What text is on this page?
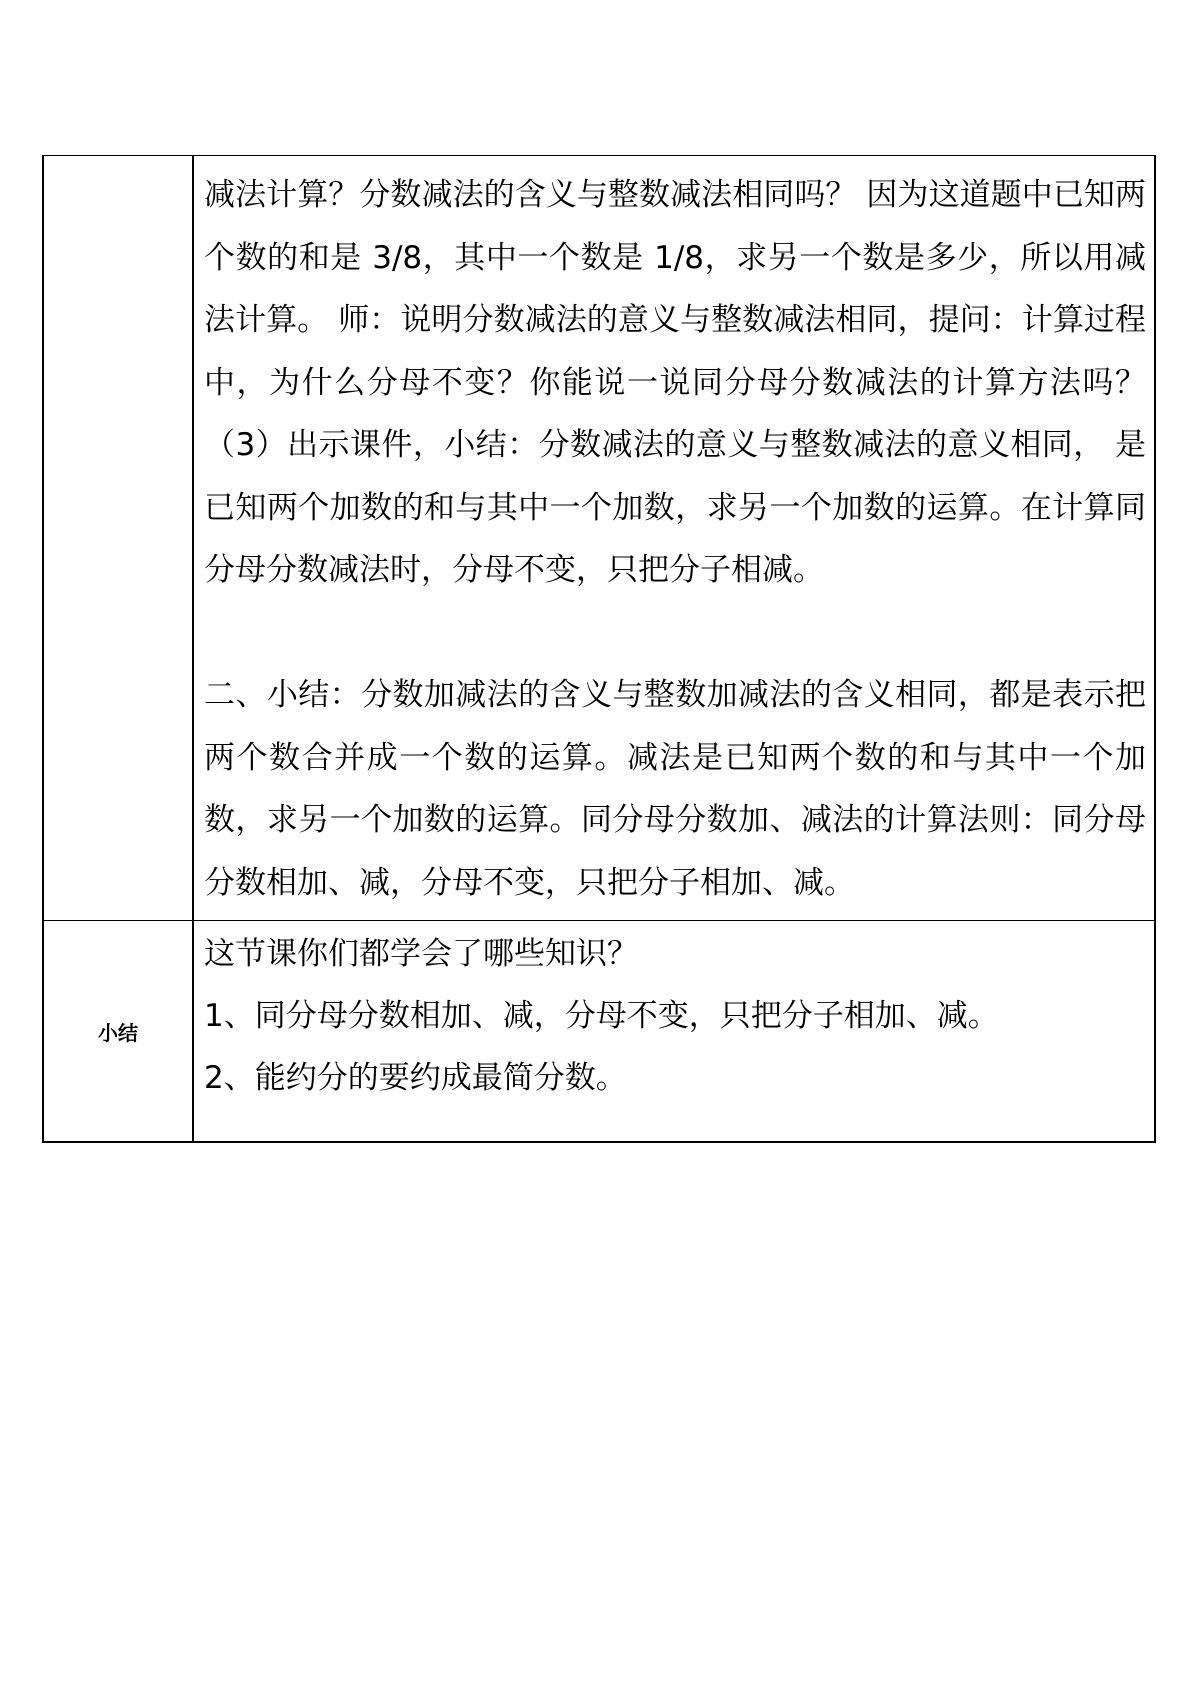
	减法计算？分数减法的含义与整数减法相同吗？ 因为这道题中已知两个数的和是 3/8，其中一个数是 1/8，求另一个数是多少，所以用减法计算。 师：说明分数减法的意义与整数减法相同，提问：计算过程中，为什么分母不变？你能说一说同分母分数减法的计算方法吗？（3）出示课件，小结：分数减法的意义与整数减法的意义相同， 是已知两个加数的和与其中一个加数，求另一个加数的运算。在计算同分母分数减法时，分母不变，只把分子相减。

二、小结：分数加减法的含义与整数加减法的含义相同，都是表示把两个数合并成一个数的运算。减法是已知两个数的和与其中一个加数，求另一个加数的运算。同分母分数加、减法的计算法则：同分母分数相加、减，分母不变，只把分子相加、减。

小结	这节课你们都学会了哪些知识？

1、同分母分数相加、减，分母不变，只把分子相加、减。

2、能约分的要约成最简分数。
